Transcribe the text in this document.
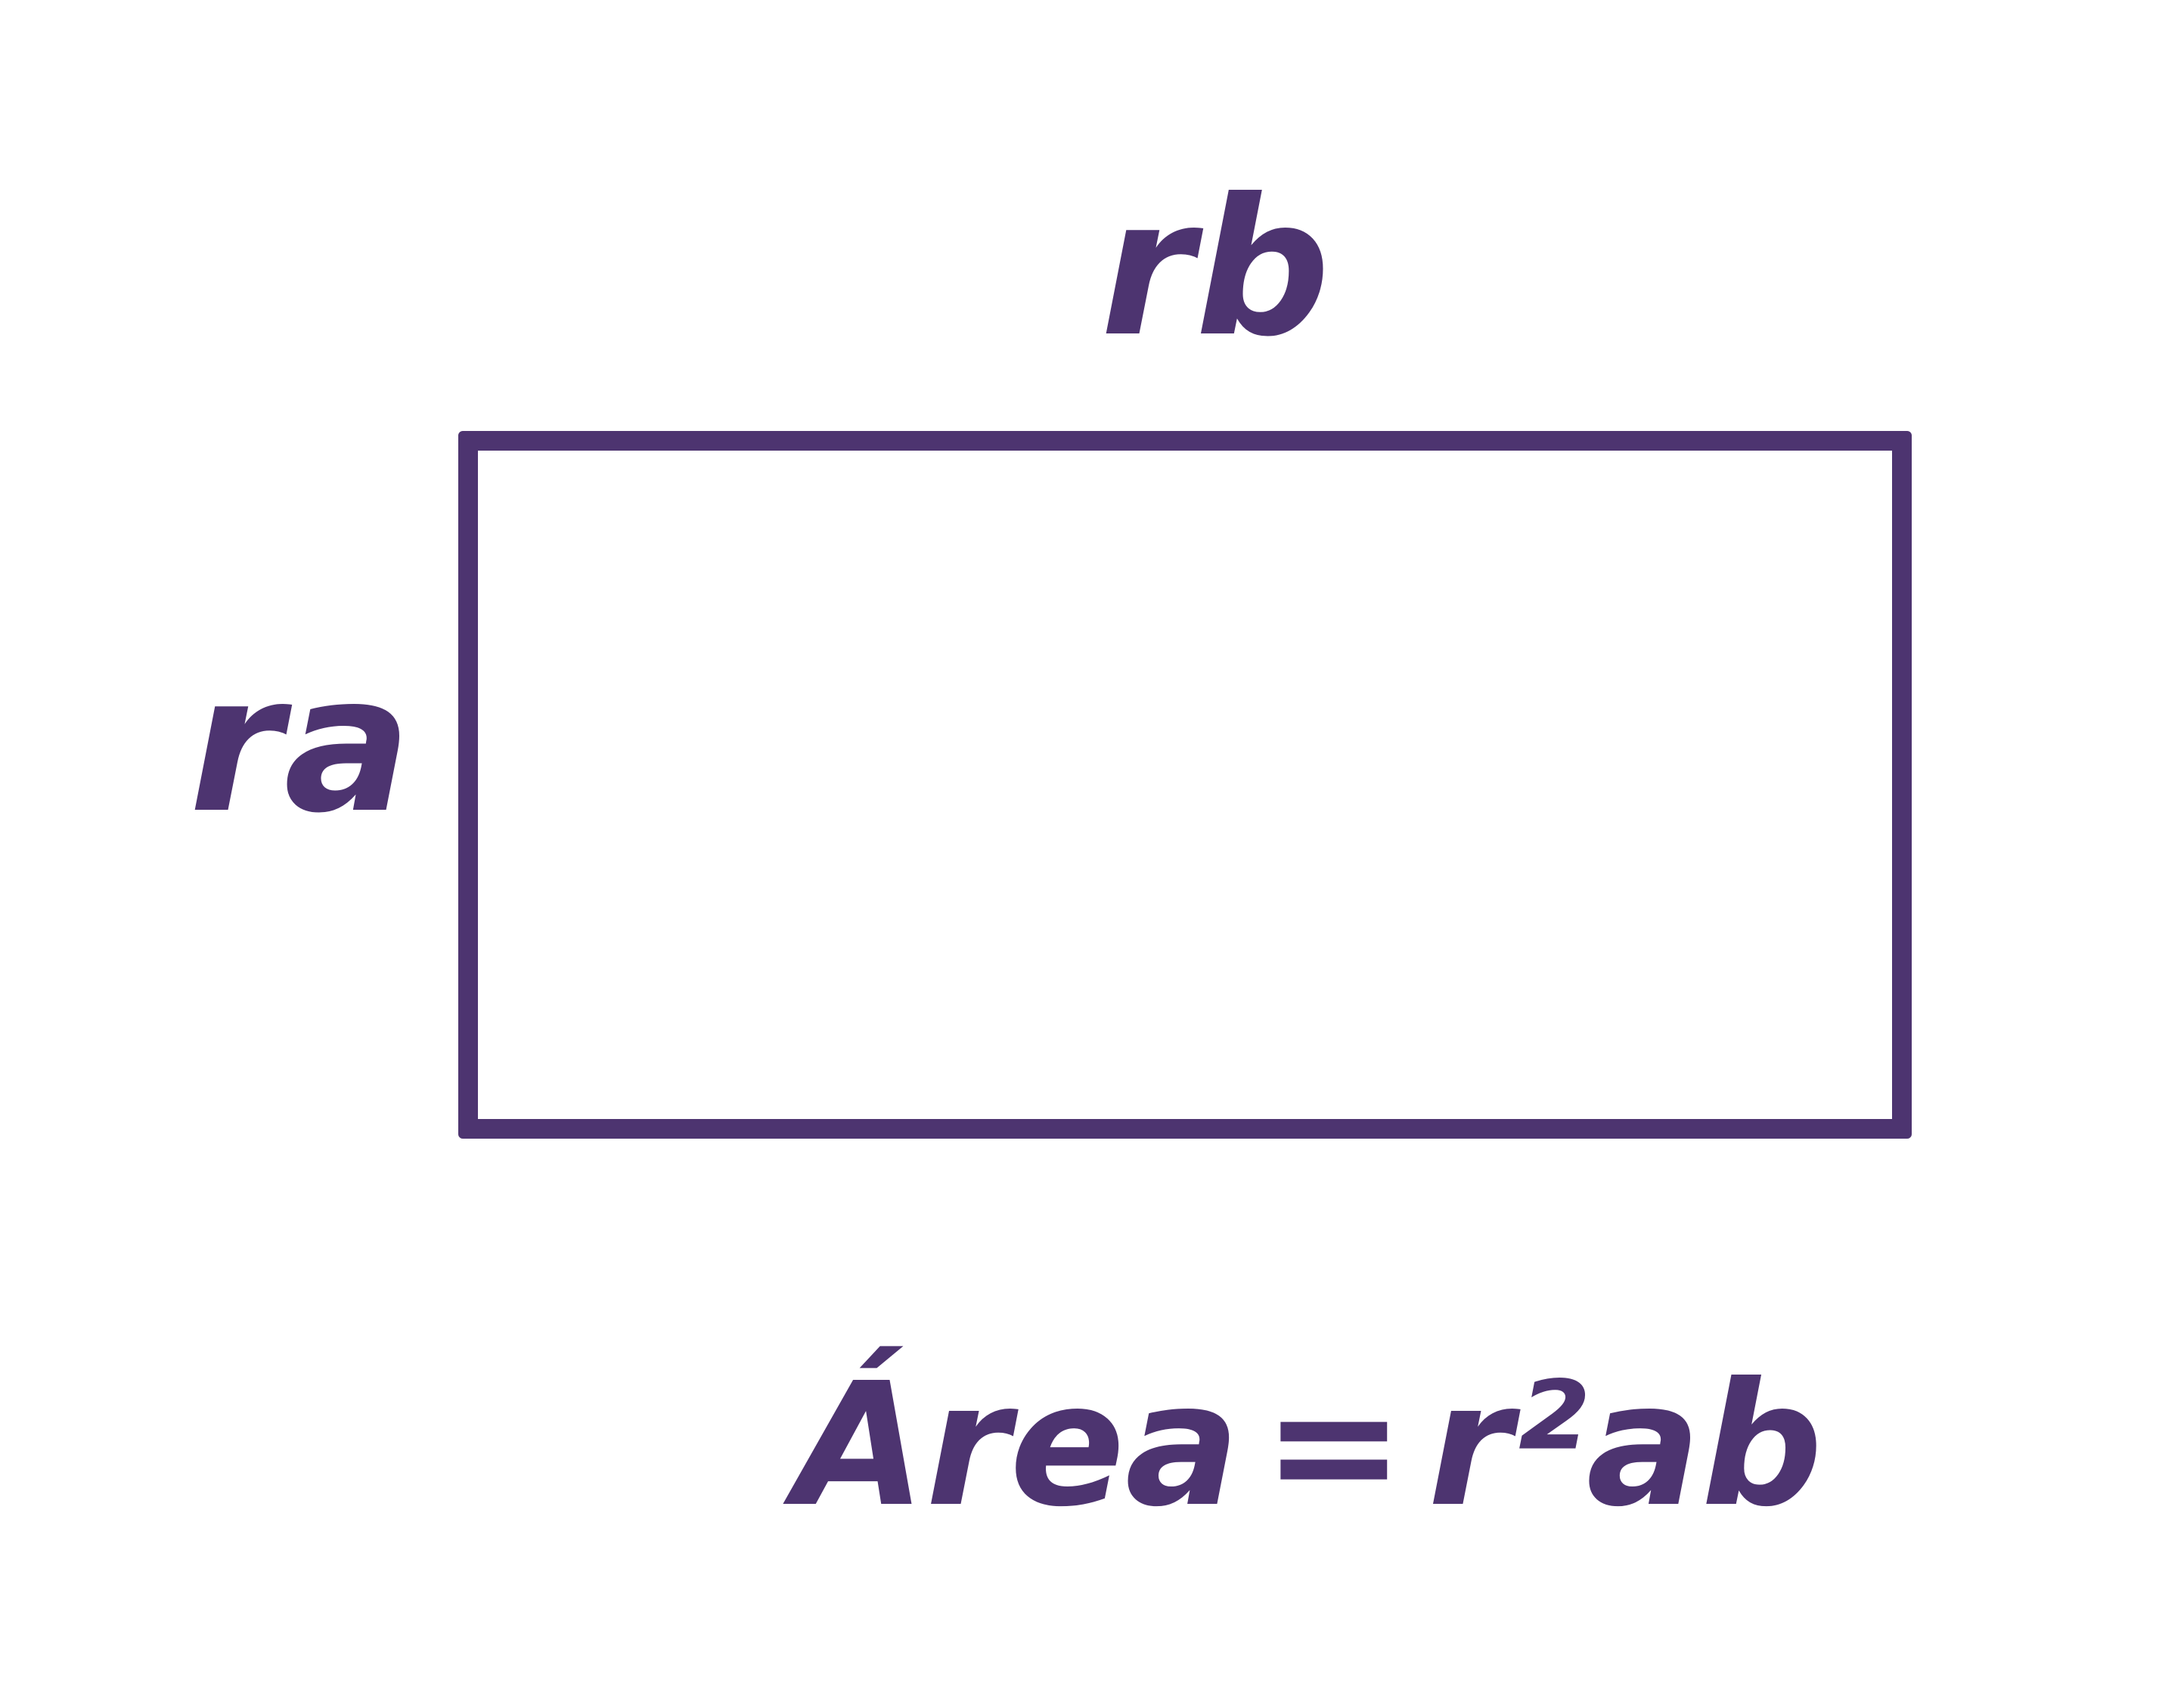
rb
ra
Área = r²ab
